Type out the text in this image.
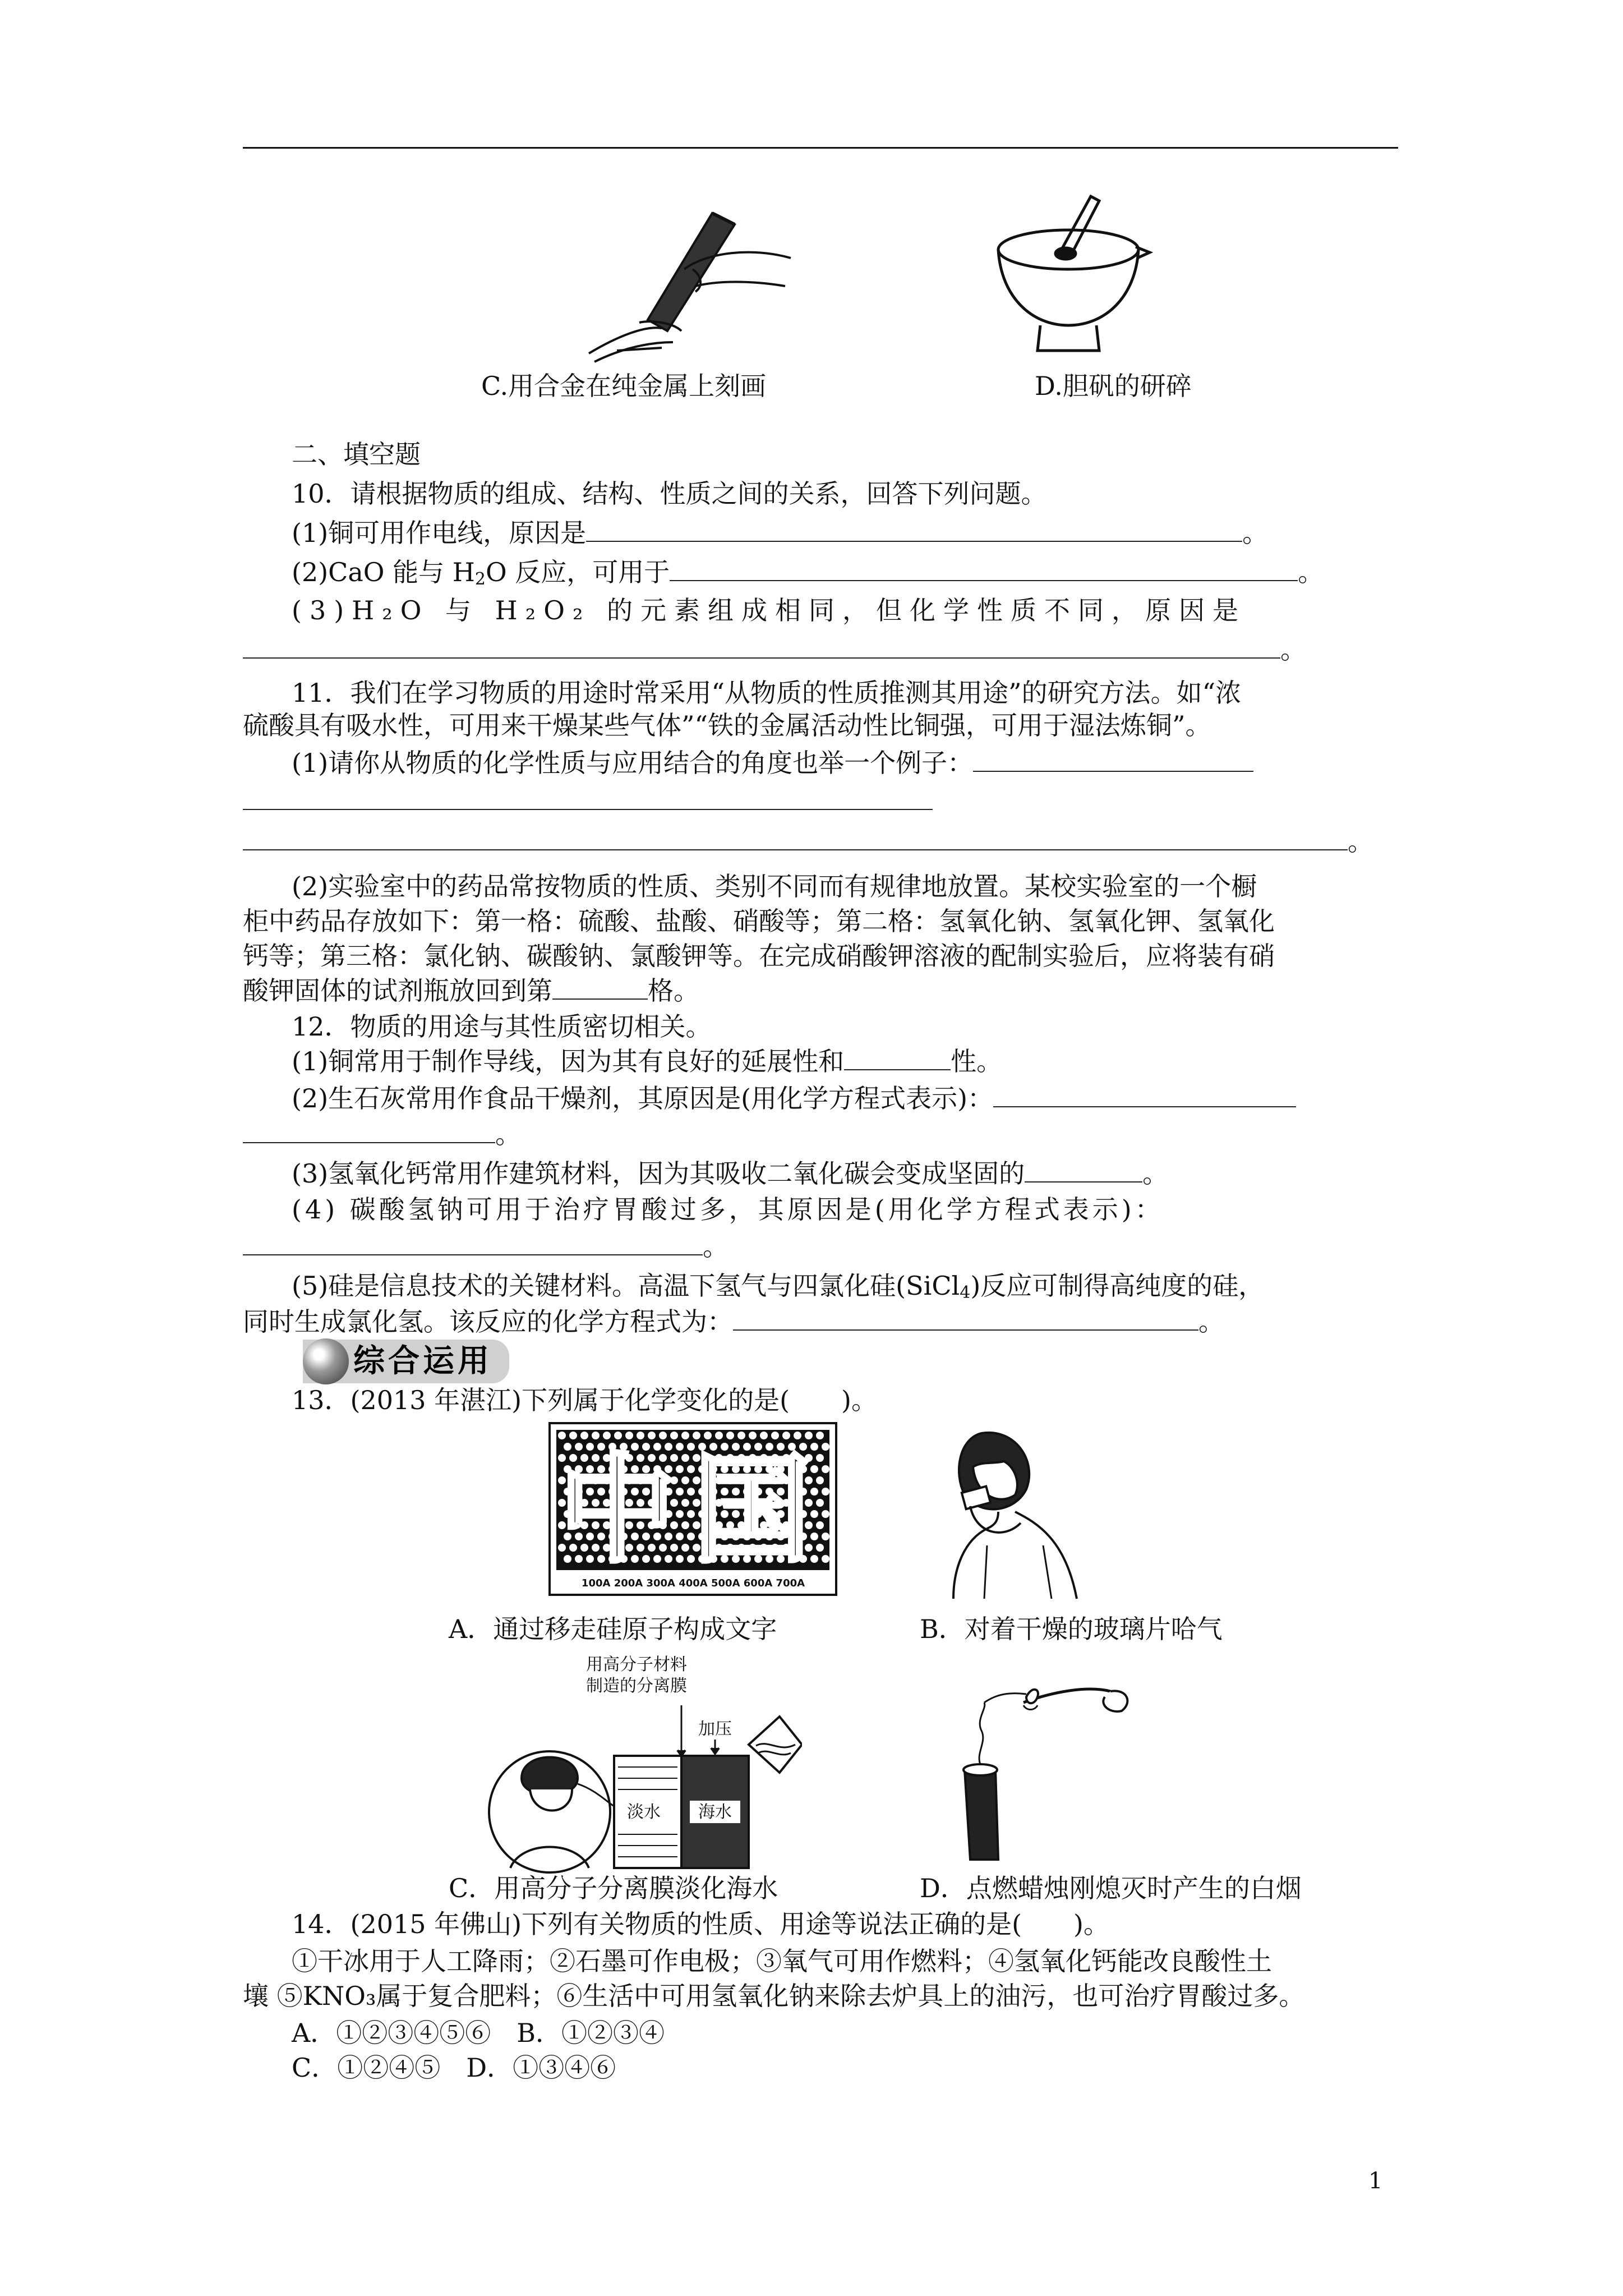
C.用合金在纯金属上刻画	D.胆矾的研碎
二、填空题
10．请根据物质的组成、结构、性质之间的关系，回答下列问题。
(1)铜可用作电线，原因是	。
(2)CaO 能与 $H_2O$ 反应，可用于	。
(3)H₂O 与 H₂O₂ 的元素组成相同，但化学性质不同，原因是
。
11．我们在学习物质的用途时常采用“从物质的性质推测其用途”的研究方法。如“浓
硫酸具有吸水性，可用来干燥某些气体”“铁的金属活动性比铜强，可用于湿法炼铜”。
(1)请你从物质的化学性质与应用结合的角度也举一个例子：
。
(2)实验室中的药品常按物质的性质、类别不同而有规律地放置。某校实验室的一个橱
柜中药品存放如下：第一格：硫酸、盐酸、硝酸等；第二格：氢氧化钠、氢氧化钾、氢氧化
钙等；第三格：氯化钠、碳酸钠、氯酸钾等。在完成硝酸钾溶液的配制实验后，应将装有硝
酸钾固体的试剂瓶放回到第	格。
12．物质的用途与其性质密切相关。
(1)铜常用于制作导线，因为其有良好的延展性和	性。
(2)生石灰常用作食品干燥剂，其原因是(用化学方程式表示)：
。
(3)氢氧化钙常用作建筑材料，因为其吸收二氧化碳会变成坚固的	。
(4) 碳酸氢钠可用于治疗胃酸过多，其原因是(用化学方程式表示)：
。
(5)硅是信息技术的关键材料。高温下氢气与四氯化硅(SiCl$_4$)反应可制得高纯度的硅，
同时生成氯化氢。该反应的化学方程式为：	。
综合运用
13．(2013 年湛江)下列属于化学变化的是(　　)。
中国
100A 200A 300A 400A 500A 600A 700A
A．通过移走硅原子构成文字	B．对着干燥的玻璃片哈气
用高分子材料
制造的分离膜
加压
淡水 海水
C．用高分子分离膜淡化海水	D．点燃蜡烛刚熄灭时产生的白烟
14．(2015 年佛山)下列有关物质的性质、用途等说法正确的是(　　)。
①干冰用于人工降雨；②石墨可作电极；③氧气可用作燃料；④氢氧化钙能改良酸性土
壤 ⑤KNO₃属于复合肥料；⑥生活中可用氢氧化钠来除去炉具上的油污，也可治疗胃酸过多。
A．①②③④⑤⑥　B．①②③④
C．①②④⑤　D．①③④⑥
1
